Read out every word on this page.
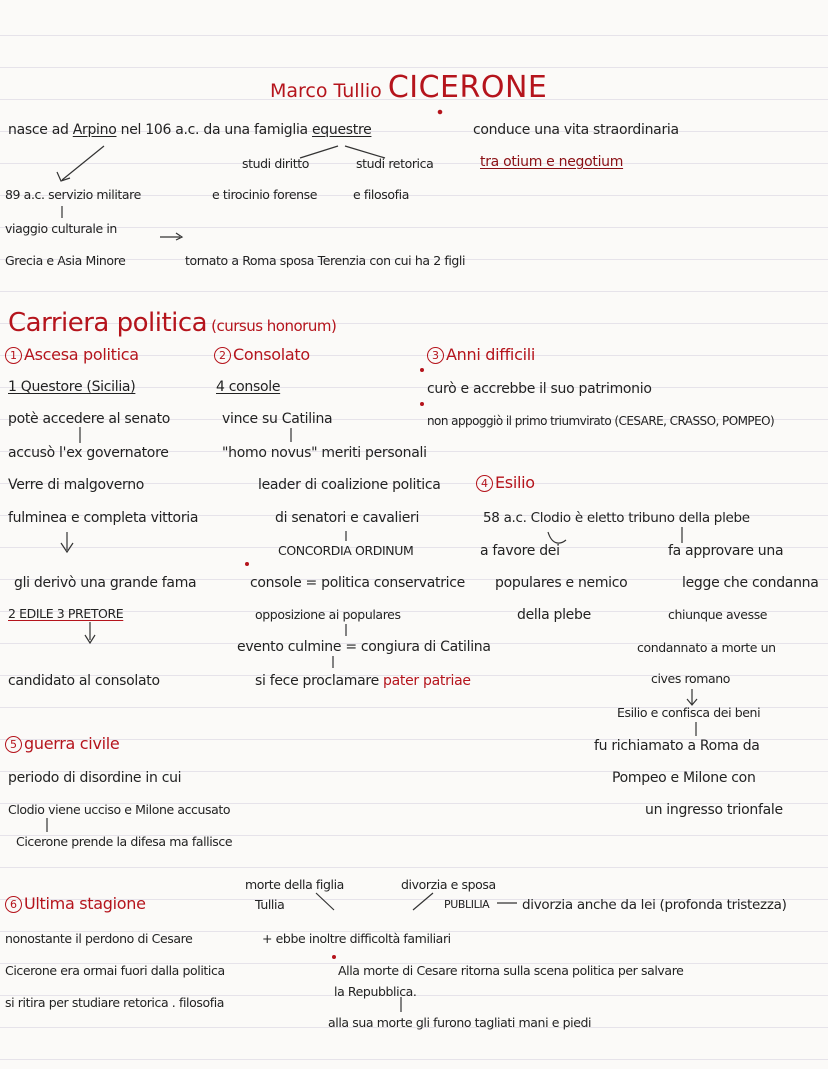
Marco Tullio CICERONE
nasce ad Arpino nel 106 a.c. da una famiglia equestre	conduce una vita straordinaria
tra otium e negotium
studi diritto	studi retorica
e tirocinio forense	e filosofia
89 a.c. servizio militare
viaggio culturale in
Grecia e Asia Minore	tornato a Roma sposa Terenzia con cui ha 2 figli
Carriera politica (cursus honorum)
1 Ascesa politica
1 Questore (Sicilia)
potè accedere al senato
accusò l'ex governatore
Verre di malgoverno
fulminea e completa vittoria
gli derivò una grande fama
2 EDILE 3 PRETORE
candidato al consolato
2 Consolato
4 console
vince su Catilina
"homo novus" meriti personali
leader di coalizione politica
di senatori e cavalieri
CONCORDIA ORDINUM
console = politica conservatrice
opposizione ai populares
evento culmine = congiura di Catilina
si fece proclamare pater patriae
3 Anni difficili
curò e accrebbe il suo patrimonio
non appoggiò il primo triumvirato (CESARE, CRASSO, POMPEO)
4 Esilio
58 a.c. Clodio è eletto tribuno della plebe
a favore dei
populares e nemico
della plebe
fa approvare una
legge che condanna
chiunque avesse
condannato a morte un
cives romano
Esilio e confisca dei beni
fu richiamato a Roma da
Pompeo e Milone con
un ingresso trionfale
5 guerra civile
periodo di disordine in cui
Clodio viene ucciso e Milone accusato
Cicerone prende la difesa ma fallisce
6 Ultima stagione
morte della figlia
Tullia
divorzia e sposa
PUBLILIA divorzia anche da lei (profonda tristezza)
nonostante il perdono di Cesare	+ ebbe inoltre difficoltà familiari
Cicerone era ormai fuori dalla politica
si ritira per studiare retorica . filosofia
Alla morte di Cesare ritorna sulla scena politica per salvare
la Repubblica.
alla sua morte gli furono tagliati mani e piedi
